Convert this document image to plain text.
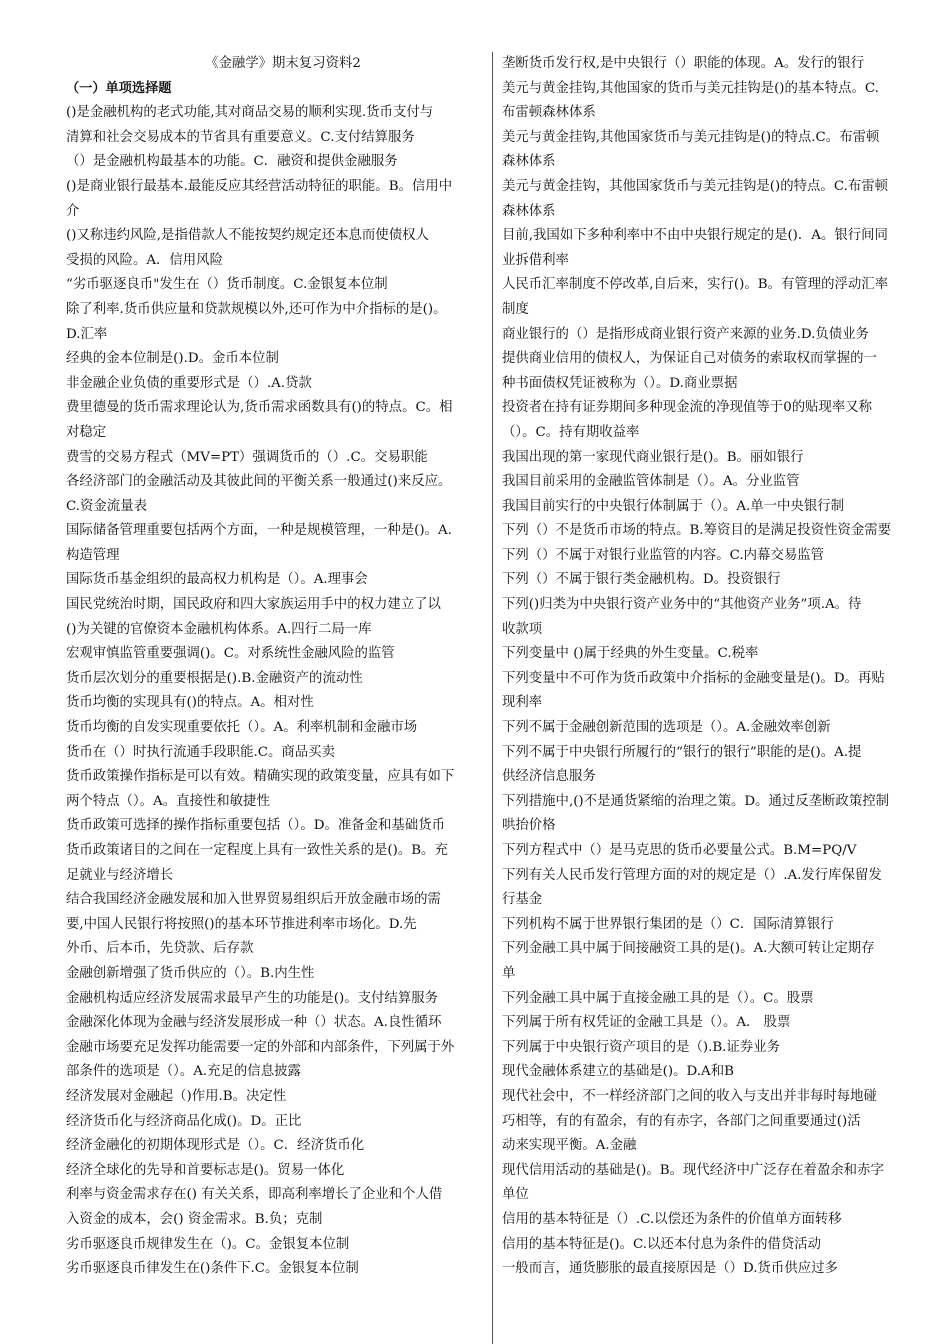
《金融学》期末复习资料2
（一）单项选择题
()是金融机构的老式功能,其对商品交易的顺利实现.货币支付与
清算和社会交易成本的节省具有重要意义。C.支付结算服务
（）是金融机构最基本的功能。C．融资和提供金融服务
()是商业银行最基本.最能反应其经营活动特征的职能。B。信用中
介
()又称违约风险,是指借款人不能按契约规定还本息而使债权人
受损的风险。A．信用风险
“劣币驱逐良币"发生在（）货币制度。C.金银复本位制
除了利率.货币供应量和贷款规模以外,还可作为中介指标的是()。
D.汇率
经典的金本位制是().D。金币本位制
非金融企业负债的重要形式是（）.A.贷款
费里德曼的货币需求理论认为,货币需求函数具有()的特点。C。相
对稳定
费雪的交易方程式（MV=PT）强调货币的（）.C。交易职能
各经济部门的金融活动及其彼此间的平衡关系一般通过()来反应。
C.资金流量表
国际储备管理重要包括两个方面，一种是规模管理，一种是()。A.
构造管理
国际货币基金组织的最高权力机构是（）。A.理事会
国民党统治时期，国民政府和四大家族运用手中的权力建立了以
()为关键的官僚资本金融机构体系。A.四行二局一库
宏观审慎监管重要强调()。C。对系统性金融风险的监管
货币层次划分的重要根据是().B.金融资产的流动性
货币均衡的实现具有()的特点。A。相对性
货币均衡的自发实现重要依托（）。A。利率机制和金融市场
货币在（）时执行流通手段职能.C。商品买卖
货币政策操作指标是可以有效。精确实现的政策变量，应具有如下
两个特点（）。A。直接性和敏捷性
货币政策可选择的操作指标重要包括（）。D。准备金和基础货币
货币政策诸目的之间在一定程度上具有一致性关系的是()。B。充
足就业与经济增长
结合我国经济金融发展和加入世界贸易组织后开放金融市场的需
要,中国人民银行将按照()的基本环节推进利率市场化。D.先
外币、后本币，先贷款、后存款
金融创新增强了货币供应的（）。B.内生性
金融机构适应经济发展需求最早产生的功能是()。支付结算服务
金融深化体现为金融与经济发展形成一种（）状态。A.良性循环
金融市场要充足发挥功能需要一定的外部和内部条件，下列属于外
部条件的选项是（）。A.充足的信息披露
经济发展对金融起（)作用.B。决定性
经济货币化与经济商品化成()。D。正比
经济金融化的初期体现形式是（）。C．经济货币化
经济全球化的先导和首要标志是()。贸易一体化
利率与资金需求存在() 有关关系，即高利率增长了企业和个人借
入资金的成本，会() 资金需求。B.负；克制
劣币驱逐良币规律发生在（)。C。金银复本位制
劣币驱逐良币律发生在()条件下.C。金银复本位制
垄断货币发行权,是中央银行（）职能的体现。A。发行的银行
美元与黄金挂钩,其他国家的货币与美元挂钩是()的基本特点。C.
布雷顿森林体系
美元与黄金挂钩,其他国家货币与美元挂钩是()的特点.C。布雷顿
森林体系
美元与黄金挂钩，其他国家货币与美元挂钩是()的特点。C.布雷顿
森林体系
目前,我国如下多种利率中不由中央银行规定的是()．A。银行间同
业拆借利率
人民币汇率制度不停改革,自后来，实行()。B。有管理的浮动汇率
制度
商业银行的（）是指形成商业银行资产来源的业务.D.负债业务
提供商业信用的债权人，为保证自己对债务的索取权而掌握的一
种书面债权凭证被称为（）。D.商业票据
投资者在持有证券期间多种现金流的净现值等于0的贴现率又称
（）。C。持有期收益率
我国出现的第一家现代商业银行是()。B。丽如银行
我国目前采用的金融监管体制是（）。A。分业监管
我国目前实行的中央银行体制属于（）。A.单一中央银行制
下列（）不是货币市场的特点。B.筹资目的是满足投资性资金需要
下列（）不属于对银行业监管的内容。C.内幕交易监管
下列（）不属于银行类金融机构。D。投资银行
下列()归类为中央银行资产业务中的“其他资产业务”项.A。待
收款项
下列变量中 ()属于经典的外生变量。C.税率
下列变量中不可作为货币政策中介指标的金融变量是()。D。再贴
现利率
下列不属于金融创新范围的选项是（）。A.金融效率创新
下列不属于中央银行所履行的“银行的银行”职能的是()。A.提
供经济信息服务
下列措施中,()不是通货紧缩的治理之策。D。通过反垄断政策控制
哄抬价格
下列方程式中（）是马克思的货币必要量公式。B.M=PQ/V
下列有关人民币发行管理方面的对的规定是（）.A.发行库保留发
行基金
下列机构不属于世界银行集团的是（）C．国际清算银行
下列金融工具中属于间接融资工具的是()。A.大额可转让定期存
单
下列金融工具中属于直接金融工具的是（）。C。股票
下列属于所有权凭证的金融工具是（）。A． 股票
下列属于中央银行资产项目的是（).B.证券业务
现代金融体系建立的基础是()。D.A和B
现代社会中，不一样经济部门之间的收入与支出并非每时每地碰
巧相等，有的有盈余，有的有赤字，各部门之间重要通过()活
动来实现平衡。A.金融
现代信用活动的基础是()。B。现代经济中广泛存在着盈余和赤字
单位
信用的基本特征是（）.C.以偿还为条件的价值单方面转移
信用的基本特征是()。C.以还本付息为条件的借贷活动
一般而言，通货膨胀的最直接原因是（）D.货币供应过多
